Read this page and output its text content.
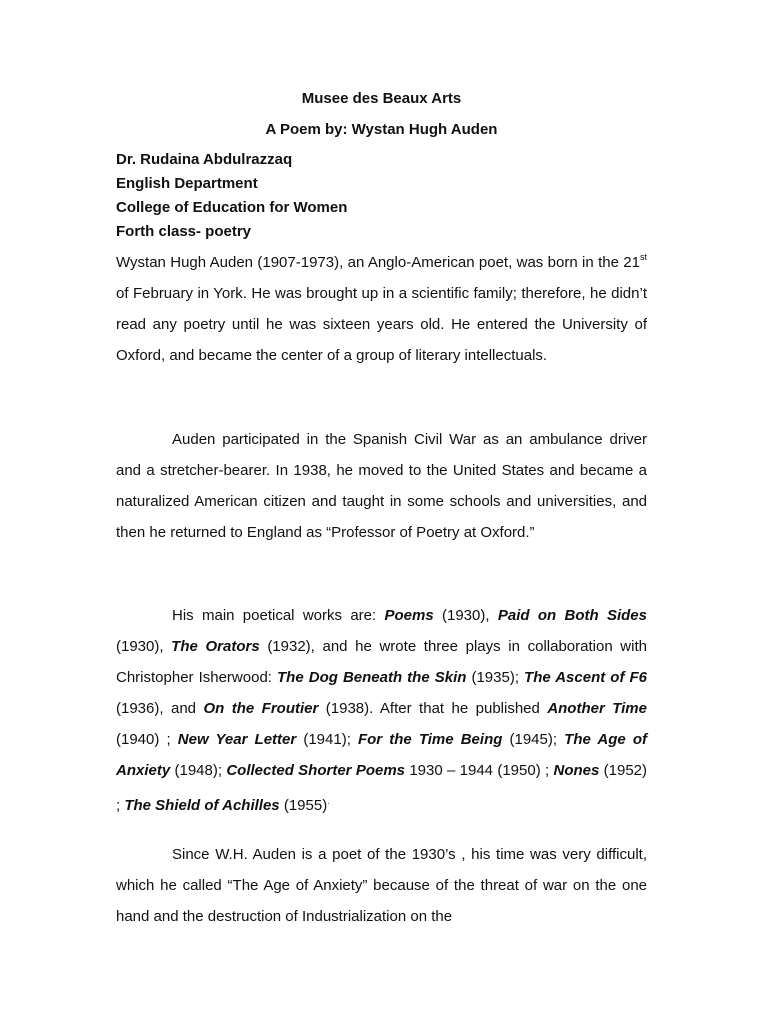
Musee des Beaux Arts
A Poem by: Wystan Hugh Auden
Dr. Rudaina Abdulrazzaq
English Department
College of Education for Women
Forth class- poetry

Wystan Hugh Auden (1907-1973), an Anglo-American poet, was born in the 21st of February in York. He was brought up in a scientific family; therefore, he didn’t read any poetry until he was sixteen years old. He entered the University of Oxford, and became the center of a group of literary intellectuals.

Auden participated in the Spanish Civil War as an ambulance driver and a stretcher-bearer. In 1938, he moved to the United States and became a naturalized American citizen and taught in some schools and universities, and then he returned to England as “Professor of Poetry at Oxford.”

His main poetical works are: Poems (1930), Paid on Both Sides (1930), The Orators (1932), and he wrote three plays in collaboration with Christopher Isherwood: The Dog Beneath the Skin (1935); The Ascent of F6 (1936), and On the Froutier (1938). After that he published Another Time (1940) ; New Year Letter (1941); For the Time Being (1945); The Age of Anxiety (1948); Collected Shorter Poems 1930 – 1944 (1950) ; Nones (1952) ; The Shield of Achilles (1955).

Since W.H. Auden is a poet of the 1930’s , his time was very difficult, which he called “The Age of Anxiety” because of the threat of war on the one hand and the destruction of Industrialization on the
